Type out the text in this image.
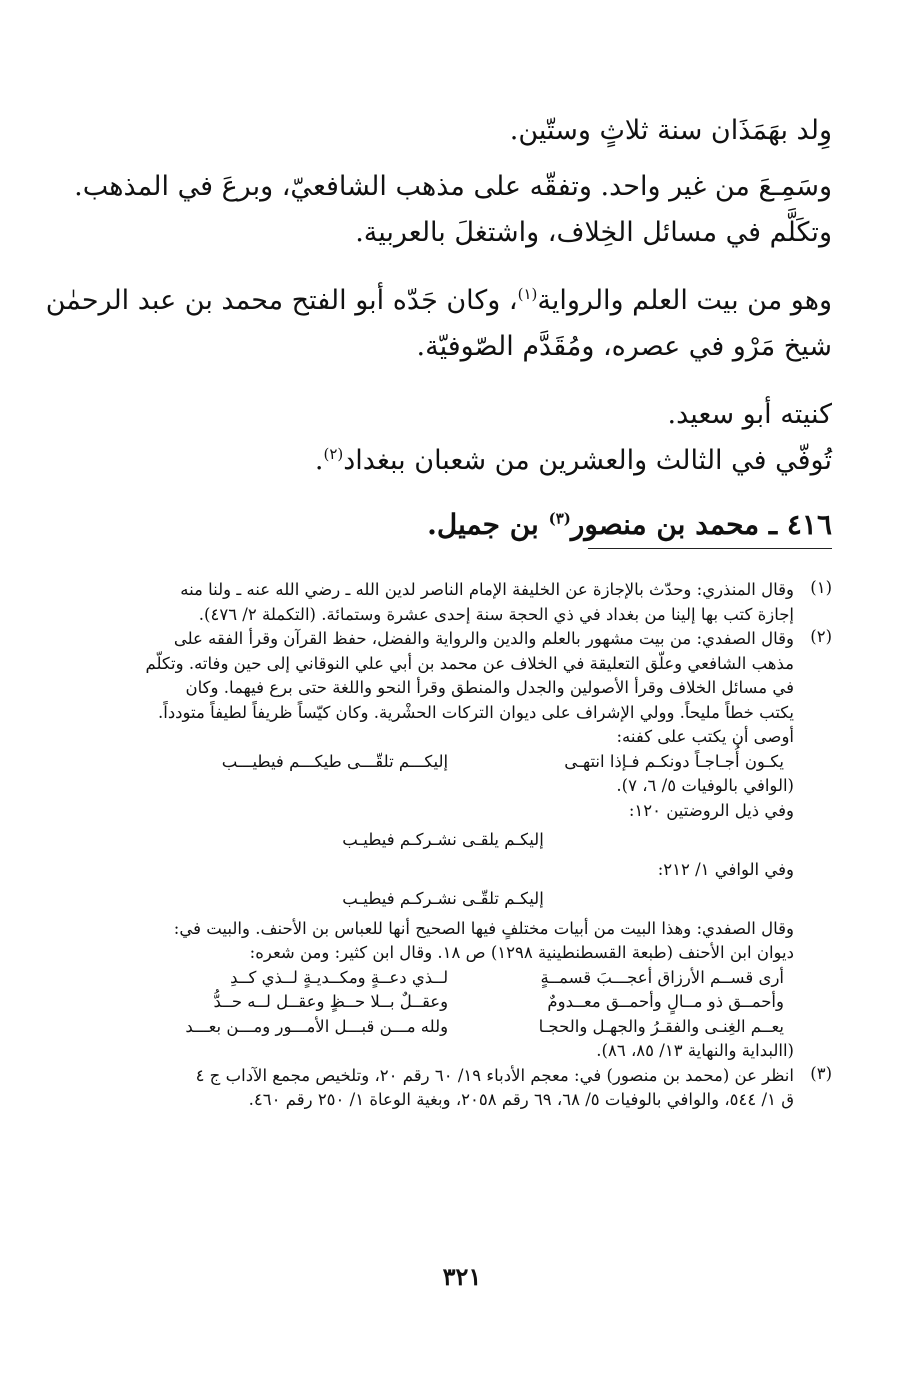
وِلد بهَمَذَان سنة ثلاثٍ وستّين.

وسَمِـعَ من غير واحد. وتفقّه على مذهب الشافعيّ، وبرعَ في المذهب.

وتكَلَّم في مسائل الخِلاف، واشتغلَ بالعربية.

وهو من بيت العلم والرواية$^{(١)}$، وكان جَدّه أبو الفتح محمد بن عبد الرحمٰن

شيخ مَرْو في عصره، ومُقَدَّم الصّوفيّة.

كنيته أبو سعيد.

تُوفّي في الثالث والعشرين من شعبان ببغداد$^{(٢)}$.

٤١٦ ـ محمد بن منصور$^{(٣)}$ بن جميل.

(١)

وقال المنذري: وحدّث بالإجازة عن الخليفة الإمام الناصر لدين الله ـ رضي الله عنه ـ ولنا منه

إجازة كتب بها إلينا من بغداد في ذي الحجة سنة إحدى عشرة وستمائة. (التكملة ٢/ ٤٧٦).

(٢)

وقال الصفدي: من بيت مشهور بالعلم والدين والرواية والفضل، حفظ القرآن وقرأ الفقه على

مذهب الشافعي وعلّق التعليقة في الخلاف عن محمد بن أبي علي النوقاني إلى حين وفاته. وتكلّم

في مسائل الخلاف وقرأ الأصولين والجدل والمنطق وقرأ النحو واللغة حتى برع فيهما. وكان

يكتب خطاً مليحاً. وولي الإشراف على ديوان التركات الحشْرية. وكان كيّساً ظريفاً لطيفاً متودداً.

أوصى أن يكتب على كفنه:

يكـون أُجـاجـاً دونكـم فـإذا انتهـى
إليكـــم تلقّـــى طيكـــم فيطيـــب

(الوافي بالوفيات ٥/ ٦، ٧).

وفي ذيل الروضتين ١٢٠:

إليكـم يلقـى نشـركـم فيطيـب

وفي الوافي ١/ ٢١٢:

إليكـم تلقّـى نشـركـم فيطيـب

وقال الصفدي: وهذا البيت من أبيات مختلفٍ فيها الصحيح أنها للعباس بن الأحنف. والبيت في:

ديوان ابن الأحنف (طبعة القسطنطينية ١٢٩٨) ص ١٨. وقال ابن كثير: ومن شعره:

أرى قســم الأرزاق أعجـــبَ قسمــةٍ
لــذي دعــةٍ ومكــديـةٍ لــذي كــدِ
وأحمــق ذو مــالٍ وأحمــق معــدومٌ
وعقــلٌ بــلا حــظٍ وعقــل لــه حــدُّ
يعــم الغِنـى والفقـرُ والجهـل والحجـا
ولله مـــن قبـــل الأمـــور ومـــن بعـــد

(االبداية والنهاية ١٣/ ٨٥، ٨٦).

(٣)

انظر عن (محمد بن منصور) في: معجم الأدباء ١٩/ ٦٠ رقم ٢٠، وتلخيص مجمع الآداب ج ٤

ق ١/ ٥٤٤، والوافي بالوفيات ٥/ ٦٨، ٦٩ رقم ٢٠٥٨، وبغية الوعاة ١/ ٢٥٠ رقم ٤٦٠.

٣٢١
